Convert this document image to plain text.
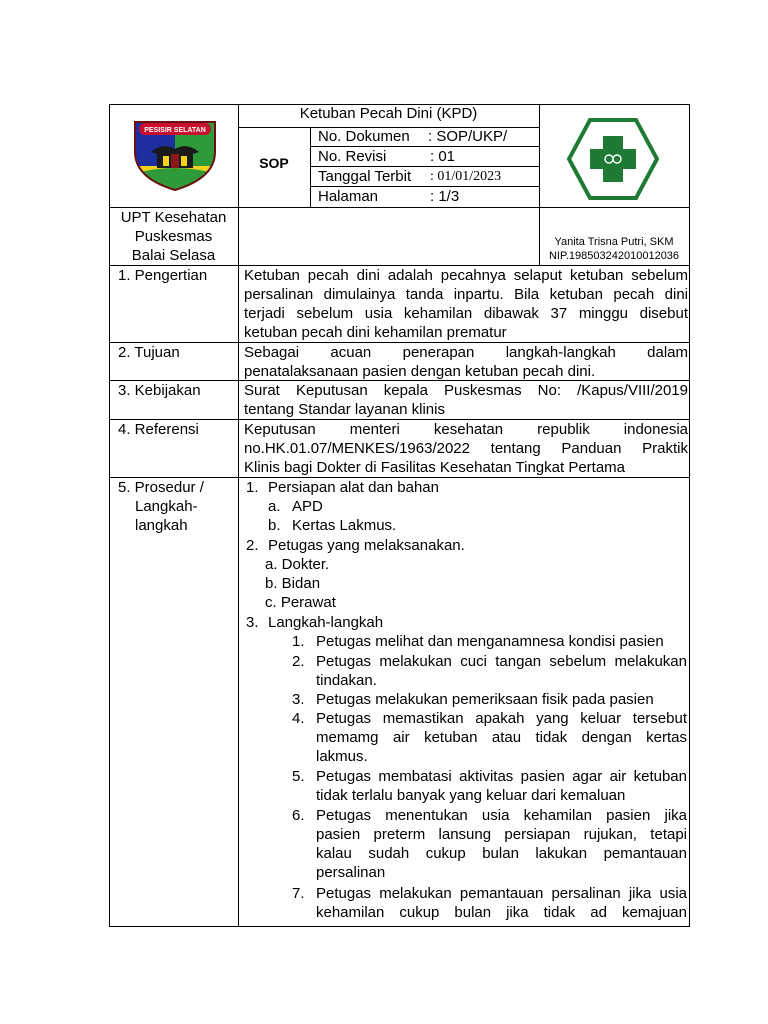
PESISIR SELATAN
Ketuban Pecah Dini (KPD)
SOP
No. Dokumen : SOP/UKP/
No. Revisi	: 01
Tanggal Terbit : 01/01/2023
Halaman	: 1/3
UPT Kesehatan
Puskesmas
Balai Selasa
Yanita Trisna Putri, SKM
NIP.198503242010012036
1. Pengertian Ketuban pecah dini adalah pecahnya selaput ketuban sebelum
persalinan dimulainya tanda inpartu. Bila ketuban pecah dini
terjadi sebelum usia kehamilan dibawak 37 minggu disebut
ketuban pecah dini kehamilan prematur
2. Tujuan	Sebagai acuan penerapan langkah-langkah dalam
penatalaksanaan pasien dengan ketuban pecah dini.
3. Kebijakan	Surat Keputusan kepala Puskesmas No: /Kapus/VIII/2019
tentang Standar layanan klinis
4. Referensi	Keputusan menteri kesehatan republik indonesia
no.HK.01.07/MENKES/1963/2022 tentang Panduan Praktik
Klinis bagi Dokter di Fasilitas Kesehatan Tingkat Pertama
5. Prosedur /
Langkah-
langkah
1. Persiapan alat dan bahan
a. APD
b. Kertas Lakmus.
2. Petugas yang melaksanakan.
a. Dokter.
b. Bidan
c. Perawat
3. Langkah-langkah
1. Petugas melihat dan menganamnesa kondisi pasien
2. Petugas melakukan cuci tangan sebelum melakukan
tindakan.
3. Petugas melakukan pemeriksaan fisik pada pasien
4. Petugas memastikan apakah yang keluar tersebut
memamg air ketuban atau tidak dengan kertas
lakmus.
5. Petugas membatasi aktivitas pasien agar air ketuban
tidak terlalu banyak yang keluar dari kemaluan
6. Petugas menentukan usia kehamilan pasien jika
pasien preterm lansung persiapan rujukan, tetapi
kalau sudah cukup bulan lakukan pemantauan
persalinan
7. Petugas melakukan pemantauan persalinan jika usia
kehamilan cukup bulan jika tidak ad kemajuan
